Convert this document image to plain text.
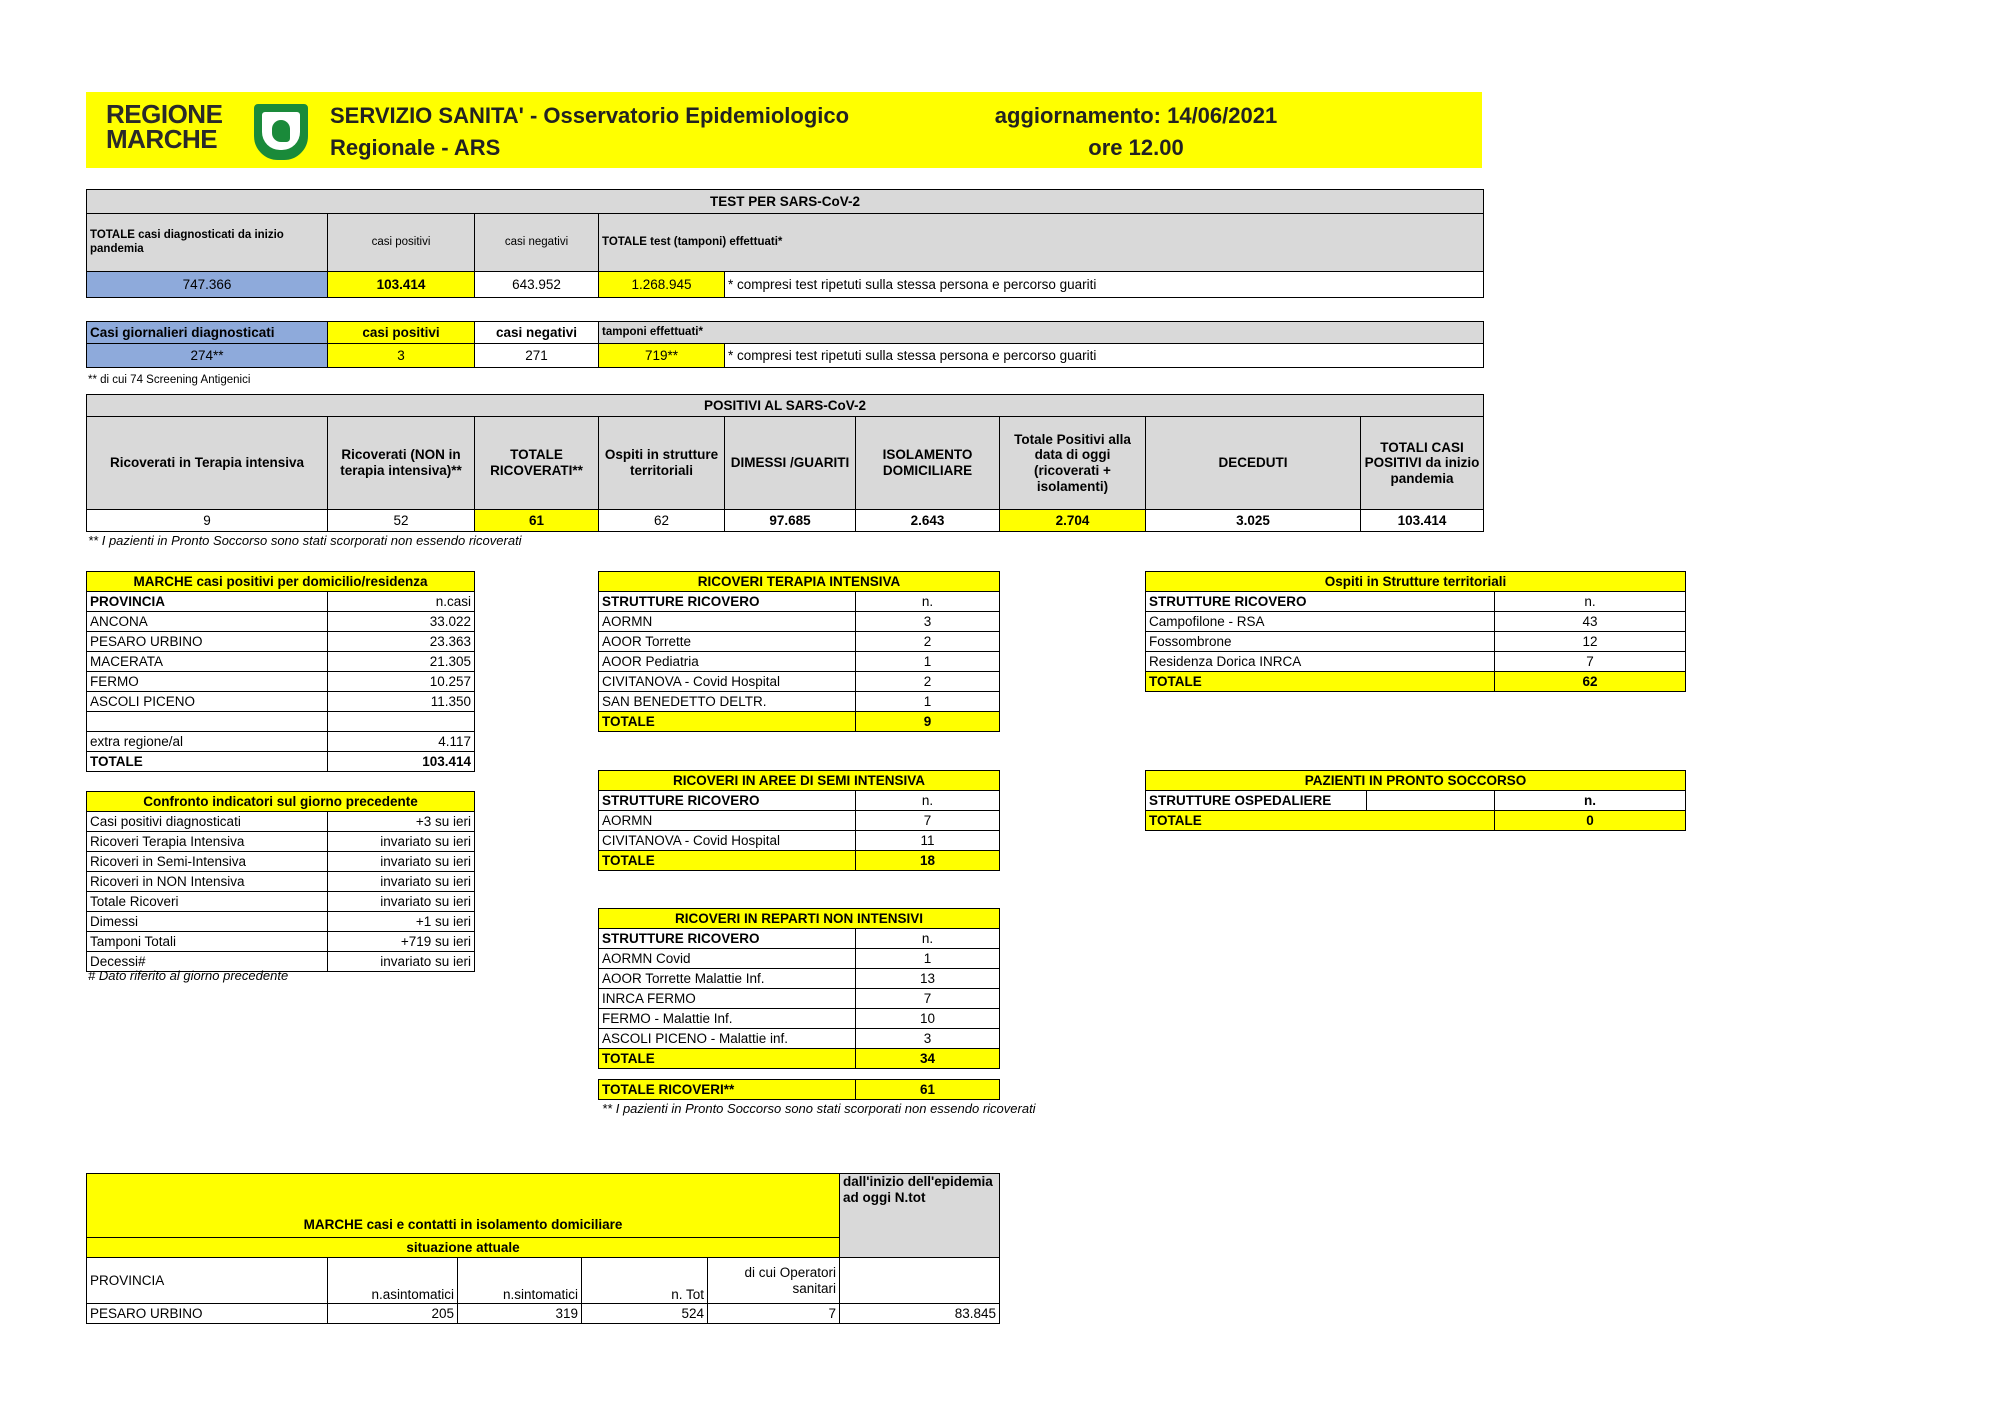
REGIONE
MARCHE
SERVIZIO SANITA' - Osservatorio Epidemiologico
Regionale - ARS
aggiornamento: 14/06/2021
ore 12.00
TEST PER SARS-CoV-2				
TOTALE casi diagnosticati da inizio pandemia	casi positivi	casi negativi	TOTALE test (tamponi) effettuati*	
747.366	103.414	643.952	1.268.945	* compresi test ripetuti sulla stessa persona e percorso guariti
Casi giornalieri diagnosticati	casi positivi	casi negativi	tamponi effettuati*	
274**	3	271	719**	* compresi test ripetuti sulla stessa persona e percorso guariti
** di cui 74 Screening Antigenici
POSITIVI AL SARS-CoV-2								
Ricoverati in Terapia intensiva	Ricoverati (NON in terapia intensiva)**	TOTALE RICOVERATI**	Ospiti in strutture territoriali	DIMESSI /GUARITI	ISOLAMENTO DOMICILIARE	Totale Positivi alla data di oggi (ricoverati + isolamenti)	DECEDUTI	TOTALI CASI POSITIVI da inizio pandemia
9	52	61	62	97.685	2.643	2.704	3.025	103.414
** I pazienti in Pronto Soccorso sono stati scorporati non essendo ricoverati
MARCHE casi positivi per domicilio/residenza	
PROVINCIA	n.casi
ANCONA	33.022
PESARO URBINO	23.363
MACERATA	21.305
FERMO	10.257
ASCOLI PICENO	11.350

extra regione/al	4.117
TOTALE	103.414
Confronto indicatori sul giorno precedente	
Casi positivi diagnosticati	+3 su ieri
Ricoveri Terapia Intensiva	invariato su ieri
Ricoveri in Semi-Intensiva	invariato su ieri
Ricoveri in NON Intensiva	invariato su ieri
Totale Ricoveri	invariato su ieri
Dimessi	+1 su ieri
Tamponi Totali	+719 su ieri
Decessi#	invariato su ieri
# Dato riferito al giorno precedente
RICOVERI TERAPIA INTENSIVA	
STRUTTURE RICOVERO	n.
AORMN	3
AOOR Torrette	2
AOOR Pediatria	1
CIVITANOVA - Covid Hospital	2
SAN BENEDETTO DELTR.	1
TOTALE	9
RICOVERI IN AREE DI SEMI INTENSIVA	
STRUTTURE RICOVERO	n.
AORMN	7
CIVITANOVA - Covid Hospital	11
TOTALE	18
RICOVERI IN REPARTI NON INTENSIVI	
STRUTTURE RICOVERO	n.
AORMN Covid	1
AOOR Torrette Malattie Inf.	13
INRCA FERMO	7
FERMO - Malattie Inf.	10
ASCOLI PICENO - Malattie inf.	3
TOTALE	34
TOTALE RICOVERI**	61
** I pazienti in Pronto Soccorso sono stati scorporati non essendo ricoverati
Ospiti in Strutture territoriali	
STRUTTURE RICOVERO	n.
Campofilone - RSA	43
Fossombrone	12
Residenza Dorica INRCA	7
TOTALE	62
PAZIENTI IN PRONTO SOCCORSO		
STRUTTURE OSPEDALIERE		n.
TOTALE		0
MARCHE casi e contatti in isolamento domiciliare					dall'inizio dell'epidemia ad oggi N.tot
situazione attuale					
PROVINCIA	n.asintomatici	n.sintomatici	n. Tot	di cui Operatori sanitari	
PESARO URBINO	205	319	524	7	83.845
